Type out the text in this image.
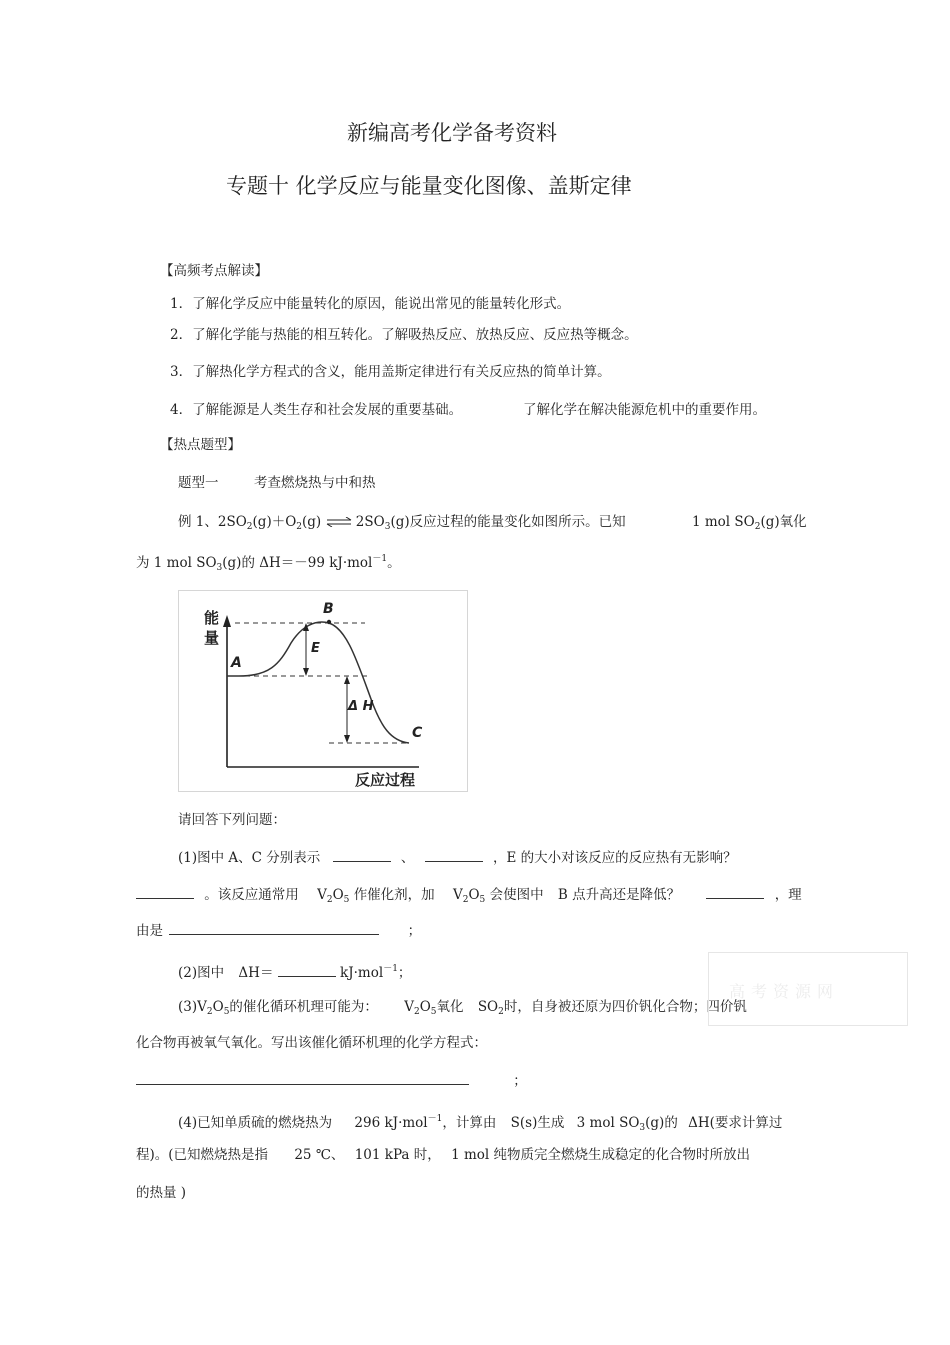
新编高考化学备考资料
专题十 化学反应与能量变化图像、盖斯定律
【高频考点解读】
1．了解化学反应中能量转化的原因，能说出常见的能量转化形式。
2．了解化学能与热能的相互转化。了解吸热反应、放热反应、反应热等概念。
3．了解热化学方程式的含义，能用盖斯定律进行有关反应热的简单计算。
4．了解能源是人类生存和社会发展的重要基础。	了解化学在解决能源危机中的重要作用。
【热点题型】
题型一	考查燃烧热与中和热
例 1、$2SO_2(g)+O_2(g)$ ⇌ $2SO_3(g)$反应过程的能量变化如图所示。已知	1 mol $SO_2(g)$氧化
为 1 mol $SO_3(g)$的 ΔH＝－99 kJ·mol$^{-1}$。
能
量
B
A
E
Δ H
C
反应过程
请回答下列问题：
(1)图中 A、C 分别表示	、	，E 的大小对该反应的反应热有无影响？
。该反应通常用 $V_2O_5$ 作催化剂，加 $V_2O_5$ 会使图中 B 点升高还是降低？	，理
由是	；
(2)图中 ΔH＝	kJ·mol$^{-1}$；
$(3)V_2O_5$的催化循环机理可能为： $V_2O_5$氧化 $SO_2$时，自身被还原为四价钒化合物；四价钒
化合物再被氧气氧化。写出该催化循环机理的化学方程式：
；
(4)已知单质硫的燃烧热为 296 kJ·mol$^{-1}$，计算由 S(s)生成 3 mol $SO_3(g)$的 ΔH(要求计算过
程)。(已知燃烧热是指 25 ℃、 101 kPa 时， 1 mol 纯物质完全燃烧生成稳定的化合物时所放出
的热量 )
高考资源网
